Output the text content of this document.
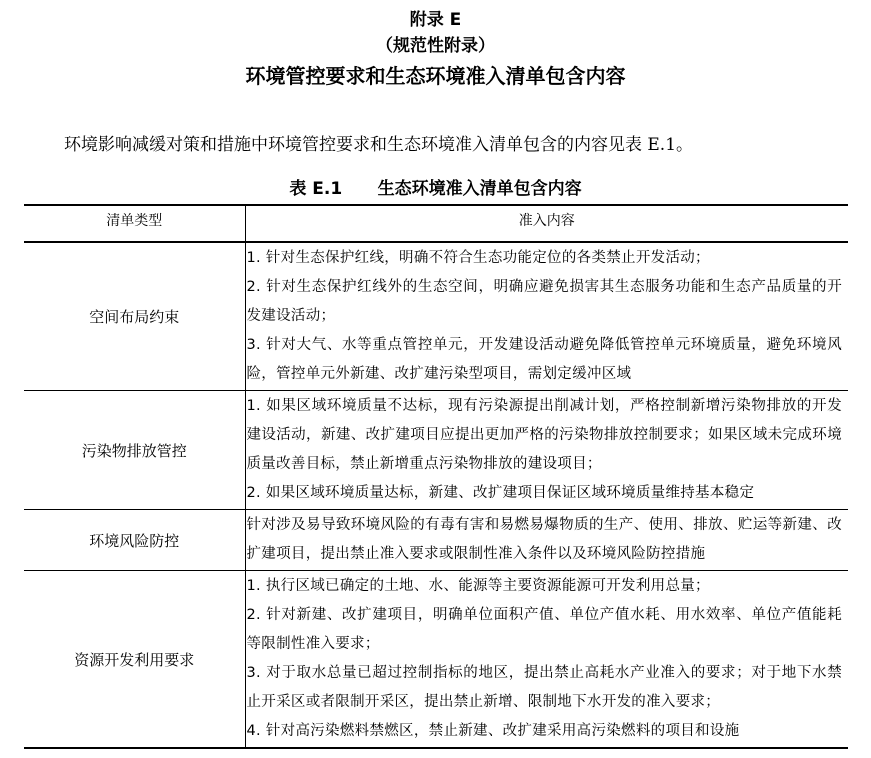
附录 E
（规范性附录）
环境管控要求和生态环境准入清单包含内容
环境影响减缓对策和措施中环境管控要求和生态环境准入清单包含的内容见表 E.1。
表 E.1      生态环境准入清单包含内容
清单类型	准入内容
空间布局约束	1. 针对生态保护红线，明确不符合生态功能定位的各类禁止开发活动；
2. 针对生态保护红线外的生态空间，明确应避免损害其生态服务功能和生态产品质量的开发建设活动；
3. 针对大气、水等重点管控单元，开发建设活动避免降低管控单元环境质量，避免环境风险，管控单元外新建、改扩建污染型项目，需划定缓冲区域

污染物排放管控	1. 如果区域环境质量不达标，现有污染源提出削减计划，严格控制新增污染物排放的开发建设活动，新建、改扩建项目应提出更加严格的污染物排放控制要求；如果区域未完成环境质量改善目标，禁止新增重点污染物排放的建设项目；
2. 如果区域环境质量达标，新建、改扩建项目保证区域环境质量维持基本稳定

环境风险防控	针对涉及易导致环境风险的有毒有害和易燃易爆物质的生产、使用、排放、贮运等新建、改扩建项目，提出禁止准入要求或限制性准入条件以及环境风险防控措施

资源开发利用要求	1. 执行区域已确定的土地、水、能源等主要资源能源可开发利用总量；
2. 针对新建、改扩建项目，明确单位面积产值、单位产值水耗、用水效率、单位产值能耗等限制性准入要求；
3. 对于取水总量已超过控制指标的地区，提出禁止高耗水产业准入的要求；对于地下水禁止开采区或者限制开采区，提出禁止新增、限制地下水开发的准入要求；
4. 针对高污染燃料禁燃区，禁止新建、改扩建采用高污染燃料的项目和设施
